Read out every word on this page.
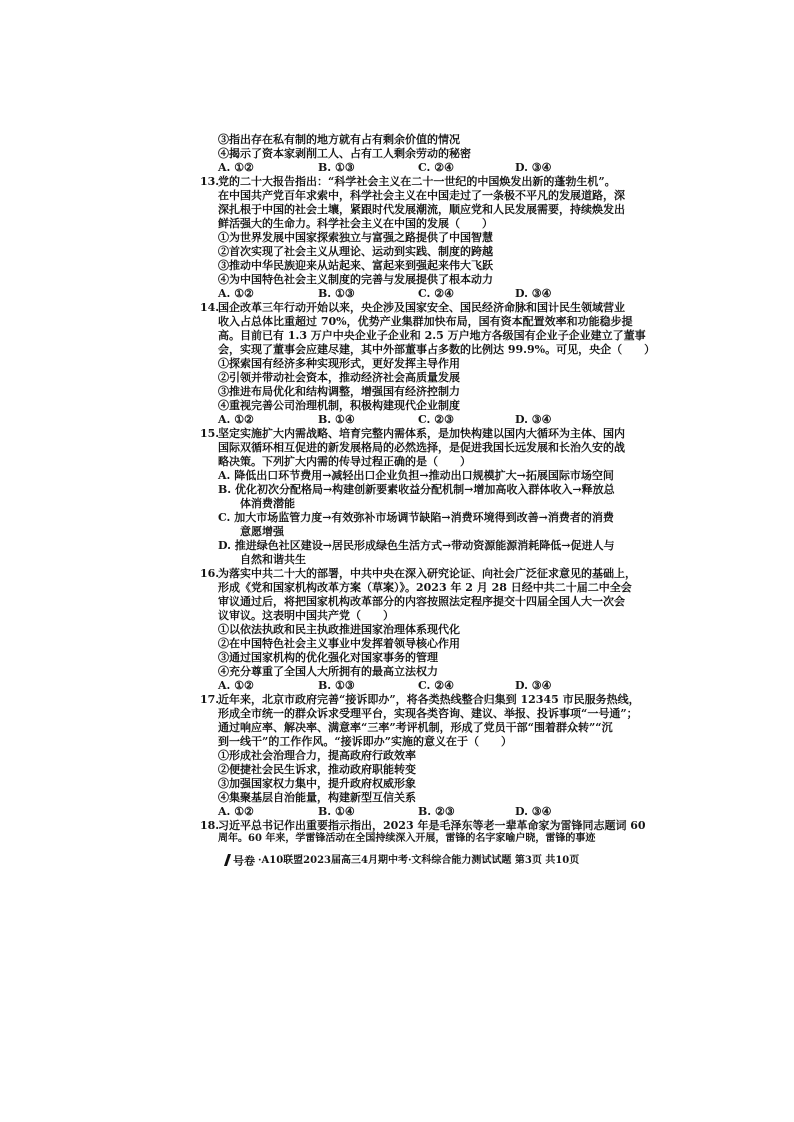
③指出存在私有制的地方就有占有剩余价值的情况
④揭示了资本家剥削工人、占有工人剩余劳动的秘密
A. ①②	B. ①③	C. ②④	D. ③④
13.
党的二十大报告指出：“科学社会主义在二十一世纪的中国焕发出新的蓬勃生机”。
在中国共产党百年求索中，科学社会主义在中国走过了一条极不平凡的发展道路，深
深扎根于中国的社会土壤，紧跟时代发展潮流，顺应党和人民发展需要，持续焕发出
鲜活强大的生命力。科学社会主义在中国的发展（　　）
①为世界发展中国家探索独立与富强之路提供了中国智慧
②首次实现了社会主义从理论、运动到实践、制度的跨越
③推动中华民族迎来从站起来、富起来到强起来伟大飞跃
④为中国特色社会主义制度的完善与发展提供了根本动力
A. ①②	B. ①③	C. ②④	D. ③④
14.
国企改革三年行动开始以来，央企涉及国家安全、国民经济命脉和国计民生领域营业
收入占总体比重超过 70%，优势产业集群加快布局，国有资本配置效率和功能稳步提
高。目前已有 1.3 万户中央企业子企业和 2.5 万户地方各级国有企业子企业建立了董事
会，实现了董事会应建尽建，其中外部董事占多数的比例达 99.9%。可见，央企（　　）
①探索国有经济多种实现形式，更好发挥主导作用
②引领并带动社会资本，推动经济社会高质量发展
③推进布局优化和结构调整，增强国有经济控制力
④重视完善公司治理机制，积极构建现代企业制度
A. ①②	B. ①④	C. ②③	D. ③④
15.
坚定实施扩大内需战略、培育完整内需体系，是加快构建以国内大循环为主体、国内
国际双循环相互促进的新发展格局的必然选择，是促进我国长远发展和长治久安的战
略决策。下列扩大内需的传导过程正确的是（　　）
A. 降低出口环节费用→减轻出口企业负担→推动出口规模扩大→拓展国际市场空间
B. 优化初次分配格局→构建创新要素收益分配机制→增加高收入群体收入→释放总
体消费潜能
C. 加大市场监管力度→有效弥补市场调节缺陷→消费环境得到改善→消费者的消费
意愿增强
D. 推进绿色社区建设→居民形成绿色生活方式→带动资源能源消耗降低→促进人与
自然和谐共生
16.
为落实中共二十大的部署，中共中央在深入研究论证、向社会广泛征求意见的基础上，
形成《党和国家机构改革方案（草案）》。2023 年 2 月 28 日经中共二十届二中全会
审议通过后，将把国家机构改革部分的内容按照法定程序提交十四届全国人大一次会
议审议。这表明中国共产党（　　）
①以依法执政和民主执政推进国家治理体系现代化
②在中国特色社会主义事业中发挥着领导核心作用
③通过国家机构的优化强化对国家事务的管理
④充分尊重了全国人大所拥有的最高立法权力
A. ①②	B. ①③	C. ②④	D. ③④
17.
近年来，北京市政府完善“接诉即办”，将各类热线整合归集到 12345 市民服务热线，
形成全市统一的群众诉求受理平台，实现各类咨询、建议、举报、投诉事项“一号通”；
通过响应率、解决率、满意率“三率”考评机制，形成了党员干部“围着群众转”“沉
到一线干”的工作作风。“接诉即办”实施的意义在于（　　）
①形成社会治理合力，提高政府行政效率
②便捷社会民生诉求，推动政府职能转变
③加强国家权力集中，提升政府权威形象
④集聚基层自治能量，构建新型互信关系
A. ①②	B. ①④	B. ②③	D. ③④
18.
习近平总书记作出重要指示指出，2023 年是毛泽东等老一辈革命家为雷锋同志题词 60
周年。60 年来，学雷锋活动在全国持续深入开展，雷锋的名字家喻户晓，雷锋的事迹
号卷 ·A10联盟2023届高三4月期中考·文科综合能力测试试题 第3页 共10页
